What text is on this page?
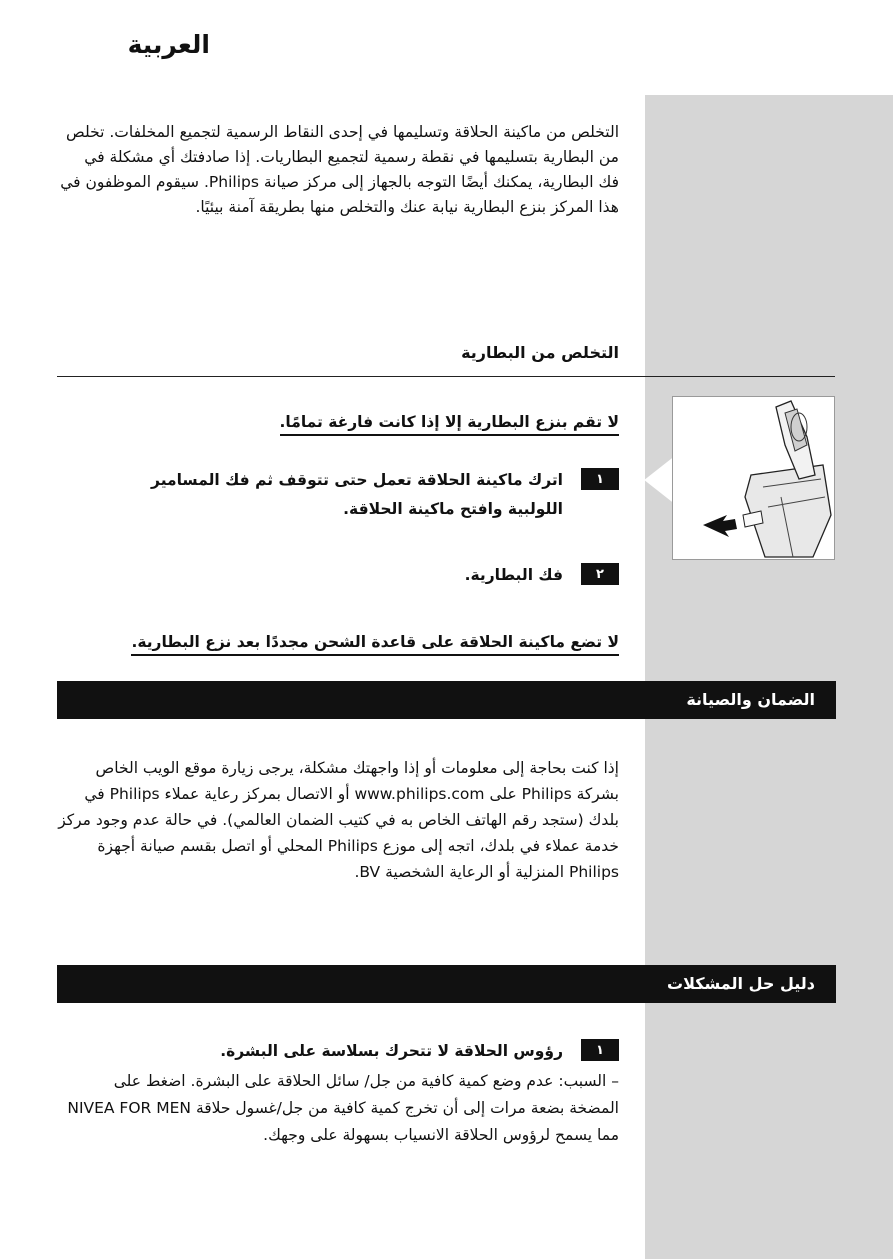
العربية
التخلص من ماكينة الحلاقة وتسليمها في إحدى النقاط الرسمية لتجميع المخلفات. تخلص من البطارية بتسليمها في نقطة رسمية لتجميع البطاريات. إذا صادفتك أي مشكلة في فك البطارية، يمكنك أيضًا التوجه بالجهاز إلى مركز صيانة Philips. سيقوم الموظفون في هذا المركز بنزع البطارية نيابة عنك والتخلص منها بطريقة آمنة بيئيًا.
التخلص من البطارية
لا تقم بنزع البطارية إلا إذا كانت فارغة تمامًا.
١
اترك ماكينة الحلاقة تعمل حتى تتوقف ثم فك المسامير اللولبية وافتح ماكينة الحلاقة.
٢
فك البطارية.
لا تضع ماكينة الحلاقة على قاعدة الشحن مجددًا بعد نزع البطارية.
الضمان والصيانة
إذا كنت بحاجة إلى معلومات أو إذا واجهتك مشكلة، يرجى زيارة موقع الويب الخاص بشركة Philips على www.philips.com أو الاتصال بمركز رعاية عملاء Philips في بلدك (ستجد رقم الهاتف الخاص به في كتيب الضمان العالمي). في حالة عدم وجود مركز خدمة عملاء في بلدك، اتجه إلى موزع Philips المحلي أو اتصل بقسم صيانة أجهزة Philips المنزلية أو الرعاية الشخصية BV.
دليل حل المشكلات
١
رؤوس الحلاقة لا تتحرك بسلاسة على البشرة.
– السبب: عدم وضع كمية كافية من جل/ سائل الحلاقة على البشرة. اضغط على المضخة بضعة مرات إلى أن تخرج كمية كافية من جل/غسول حلاقة NIVEA FOR MEN مما يسمح لرؤوس الحلاقة الانسياب بسهولة على وجهك.
